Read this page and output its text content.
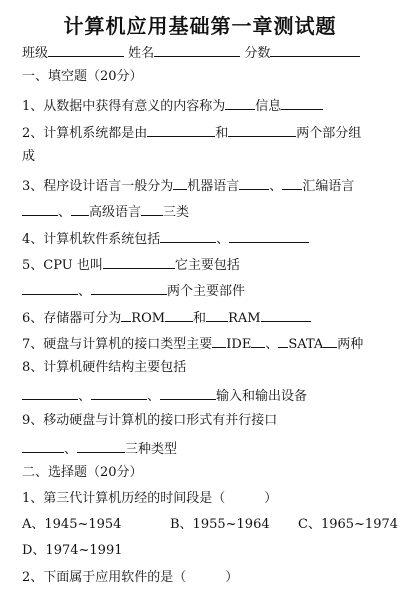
计算机应用基础第一章测试题
班级	姓名	分数
一、填空题（20分）
1、从数据中获得有意义的内容称为 信息
2、计算机系统都是由	和	两个部分组
成
3、程序设计语言一般分为 机器语言 、 汇编语言
、 高级语言 三类
4、计算机软件系统包括	、
5、CPU 也叫	它主要包括
、	两个主要部件
6、存储器可分为 ROM 和 RAM
7、硬盘与计算机的接口类型主要 IDE 、 SATA 两种
8、计算机硬件结构主要包括
、	、	输入和输出设备
9、移动硬盘与计算机的接口形式有并行接口
、	三种类型
二、选择题（20分）
1、第三代计算机历经的时间段是（　　　）
A、1945~1954	B、1955~1964 C、1965~1974
D、1974~1991
2、下面属于应用软件的是（　　　）
